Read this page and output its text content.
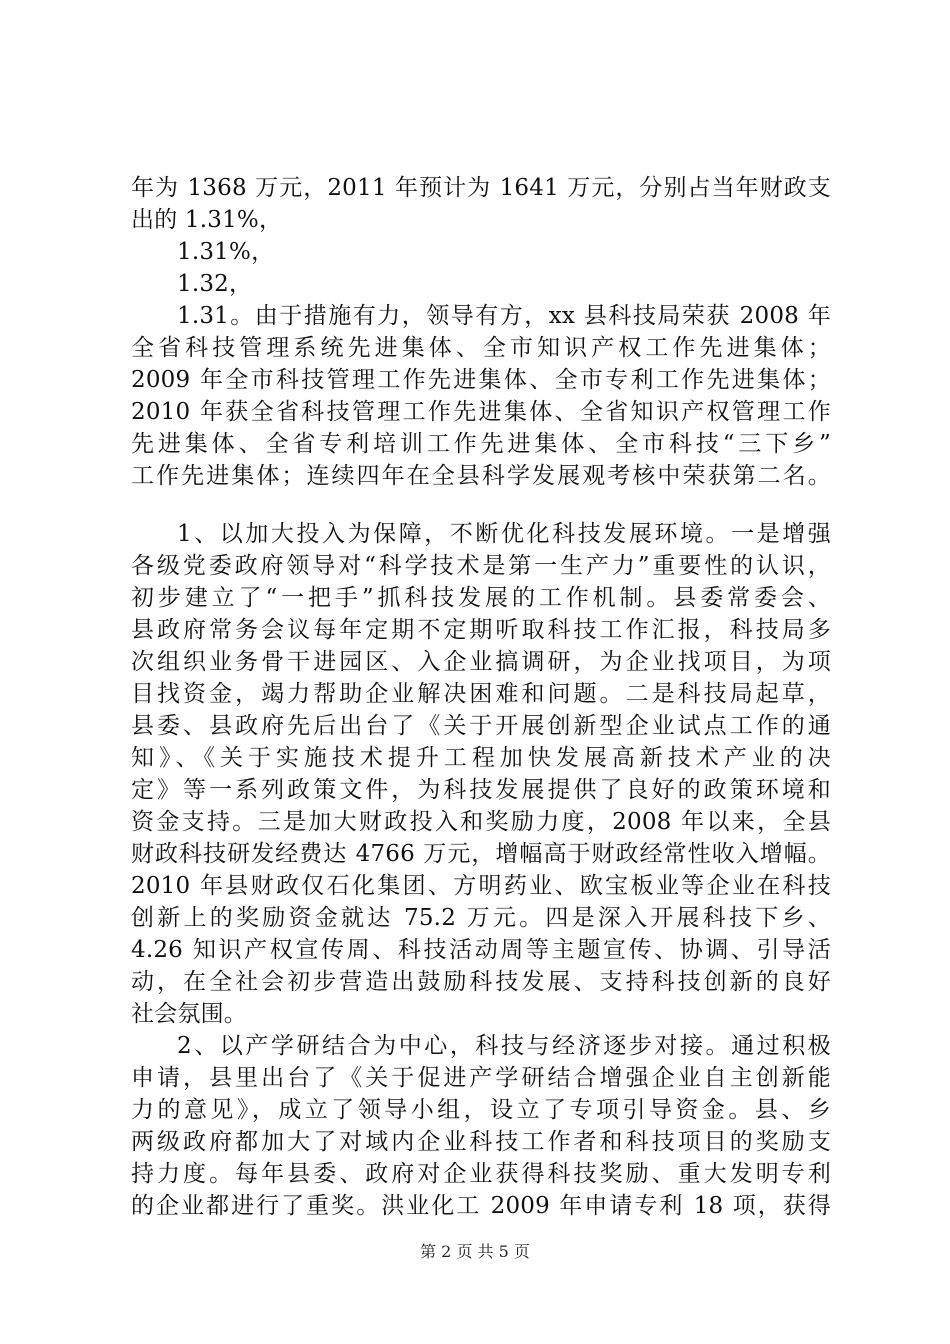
年为 1368 万元，2011 年预计为 1641 万元，分别占当年财政支
出的 1.31%，
1.31%，
1.32，
1.31。由于措施有力，领导有方，xx 县科技局荣获 2008 年
全省科技管理系统先进集体、全市知识产权工作先进集体；
2009 年全市科技管理工作先进集体、全市专利工作先进集体；
2010 年获全省科技管理工作先进集体、全省知识产权管理工作
先进集体、全省专利培训工作先进集体、全市科技“三下乡”
工作先进集体；连续四年在全县科学发展观考核中荣获第二名。
1、以加大投入为保障，不断优化科技发展环境。一是增强
各级党委政府领导对“科学技术是第一生产力”重要性的认识，
初步建立了“一把手”抓科技发展的工作机制。县委常委会、
县政府常务会议每年定期不定期听取科技工作汇报，科技局多
次组织业务骨干进园区、入企业搞调研，为企业找项目，为项
目找资金，竭力帮助企业解决困难和问题。二是科技局起草，
县委、县政府先后出台了《关于开展创新型企业试点工作的通
知》、《关于实施技术提升工程加快发展高新技术产业的决
定》等一系列政策文件，为科技发展提供了良好的政策环境和
资金支持。三是加大财政投入和奖励力度，2008 年以来，全县
财政科技研发经费达 4766 万元，增幅高于财政经常性收入增幅。
2010 年县财政仅石化集团、方明药业、欧宝板业等企业在科技
创新上的奖励资金就达 75.2 万元。四是深入开展科技下乡、
4.26 知识产权宣传周、科技活动周等主题宣传、协调、引导活
动，在全社会初步营造出鼓励科技发展、支持科技创新的良好
社会氛围。
2、以产学研结合为中心，科技与经济逐步对接。通过积极
申请，县里出台了《关于促进产学研结合增强企业自主创新能
力的意见》，成立了领导小组，设立了专项引导资金。县、乡
两级政府都加大了对域内企业科技工作者和科技项目的奖励支
持力度。每年县委、政府对企业获得科技奖励、重大发明专利
的企业都进行了重奖。洪业化工 2009 年申请专利 18 项，获得
第 2 页 共 5 页
